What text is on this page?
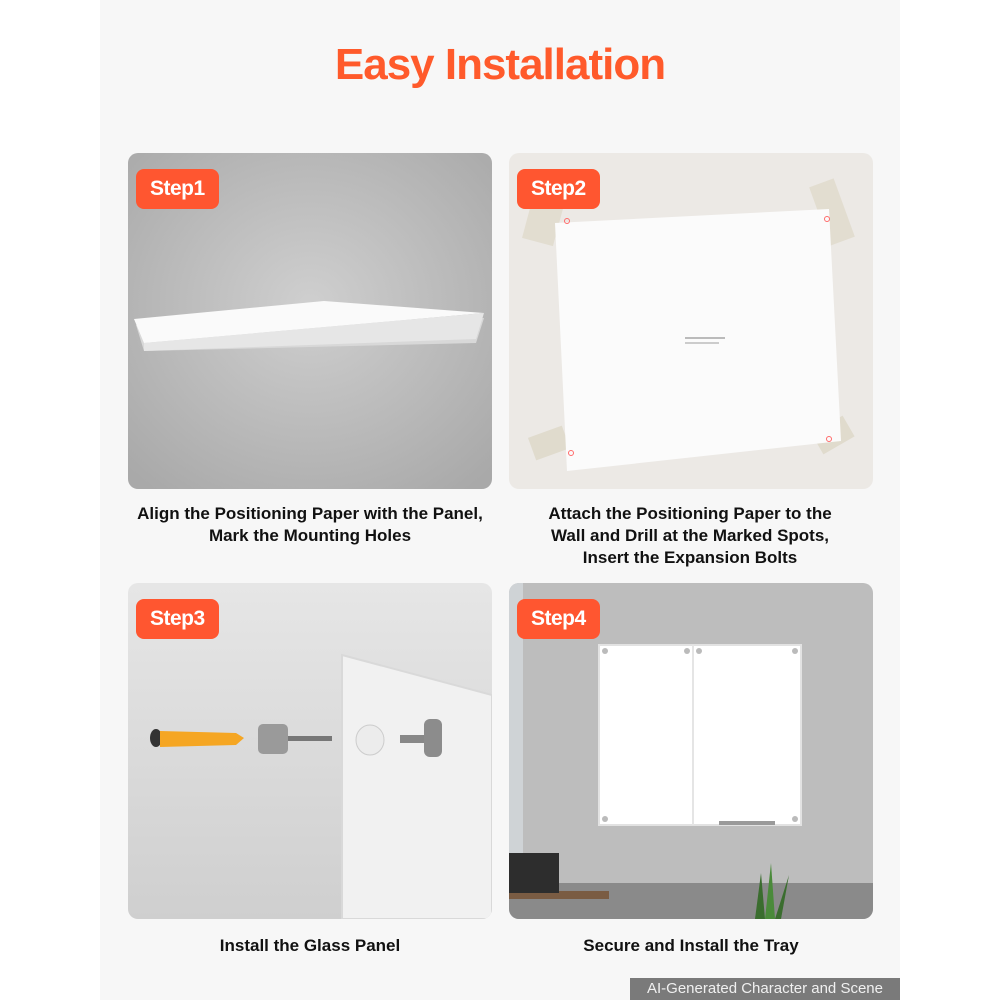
Easy Installation
Step1	Step2
Step3	Step4
Align the Positioning Paper with the Panel,
Mark the Mounting Holes
Attach the Positioning Paper to the
Wall and Drill at the Marked Spots,
Insert the Expansion Bolts
Install the Glass Panel	Secure and Install the Tray
AI-Generated Character and Scene
